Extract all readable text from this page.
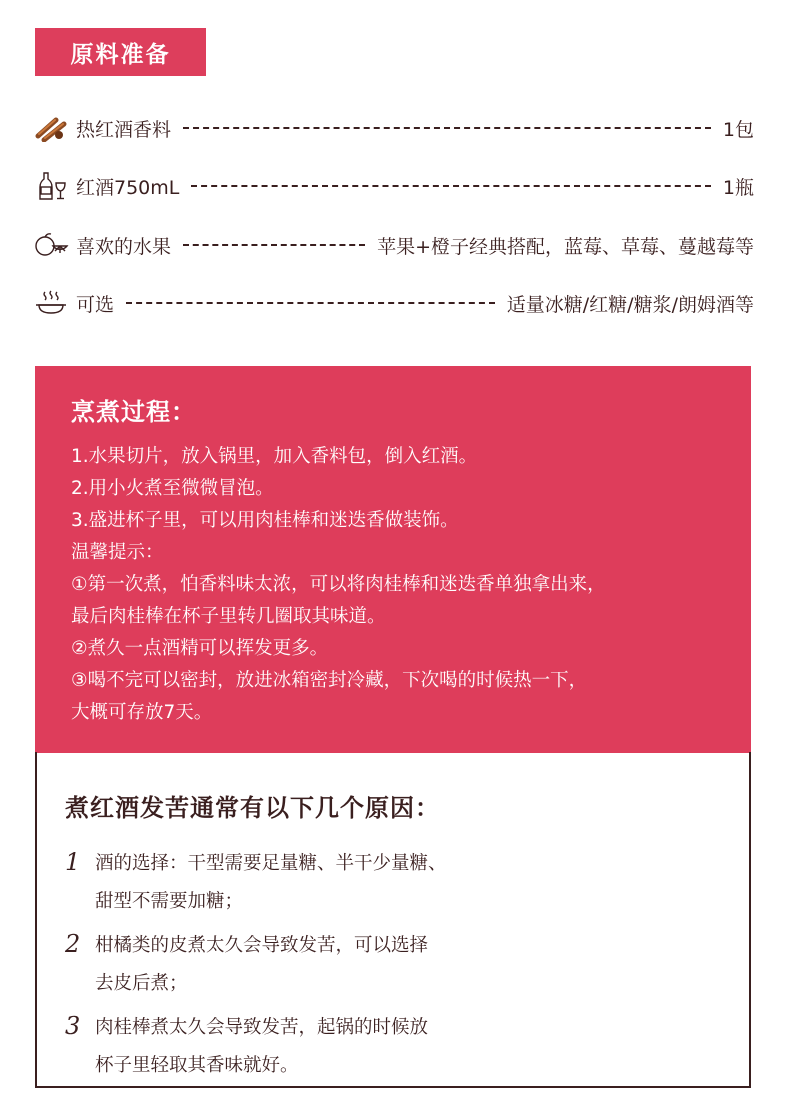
原料准备
热红酒香料	1包
红酒750mL	1瓶
喜欢的水果	苹果+橙子经典搭配，蓝莓、草莓、蔓越莓等
可选	适量冰糖/红糖/糖浆/朗姆酒等
烹煮过程：
1.水果切片，放入锅里，加入香料包，倒入红酒。
2.用小火煮至微微冒泡。
3.盛进杯子里，可以用肉桂棒和迷迭香做装饰。
温馨提示：
①第一次煮，怕香料味太浓，可以将肉桂棒和迷迭香单独拿出来，
最后肉桂棒在杯子里转几圈取其味道。
②煮久一点酒精可以挥发更多。
③喝不完可以密封，放进冰箱密封冷藏，下次喝的时候热一下，
大概可存放7天。
煮红酒发苦通常有以下几个原因：
1 酒的选择：干型需要足量糖、半干少量糖、
甜型不需要加糖；
2 柑橘类的皮煮太久会导致发苦，可以选择
去皮后煮；
3 肉桂棒煮太久会导致发苦，起锅的时候放
杯子里轻取其香味就好。
